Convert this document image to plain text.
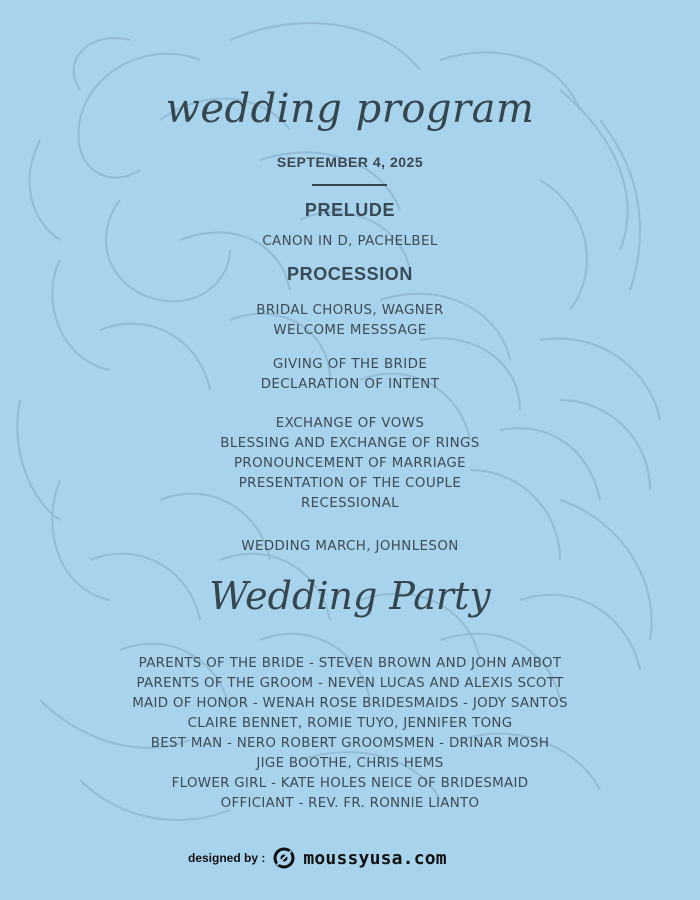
wedding program
SEPTEMBER 4, 2025
PRELUDE
CANON IN D, PACHELBEL
PROCESSION
BRIDAL CHORUS, WAGNER
WELCOME MESSSAGE
GIVING OF THE BRIDE
DECLARATION OF INTENT
EXCHANGE OF VOWS
BLESSING AND EXCHANGE OF RINGS
PRONOUNCEMENT OF MARRIAGE
PRESENTATION OF THE COUPLE
RECESSIONAL
WEDDING MARCH, JOHNLESON
Wedding Party
PARENTS OF THE BRIDE - STEVEN BROWN AND JOHN AMBOT
PARENTS OF THE GROOM - NEVEN LUCAS AND ALEXIS SCOTT
MAID OF HONOR - WENAH ROSE BRIDESMAIDS - JODY SANTOS
CLAIRE BENNET, ROMIE TUYO, JENNIFER TONG
BEST MAN - NERO ROBERT GROOMSMEN - DRINAR MOSH
JIGE BOOTHE, CHRIS HEMS
FLOWER GIRL - KATE HOLES NEICE OF BRIDESMAID
OFFICIANT - REV. FR. RONNIE LIANTO
designed by : moussyusa.com
